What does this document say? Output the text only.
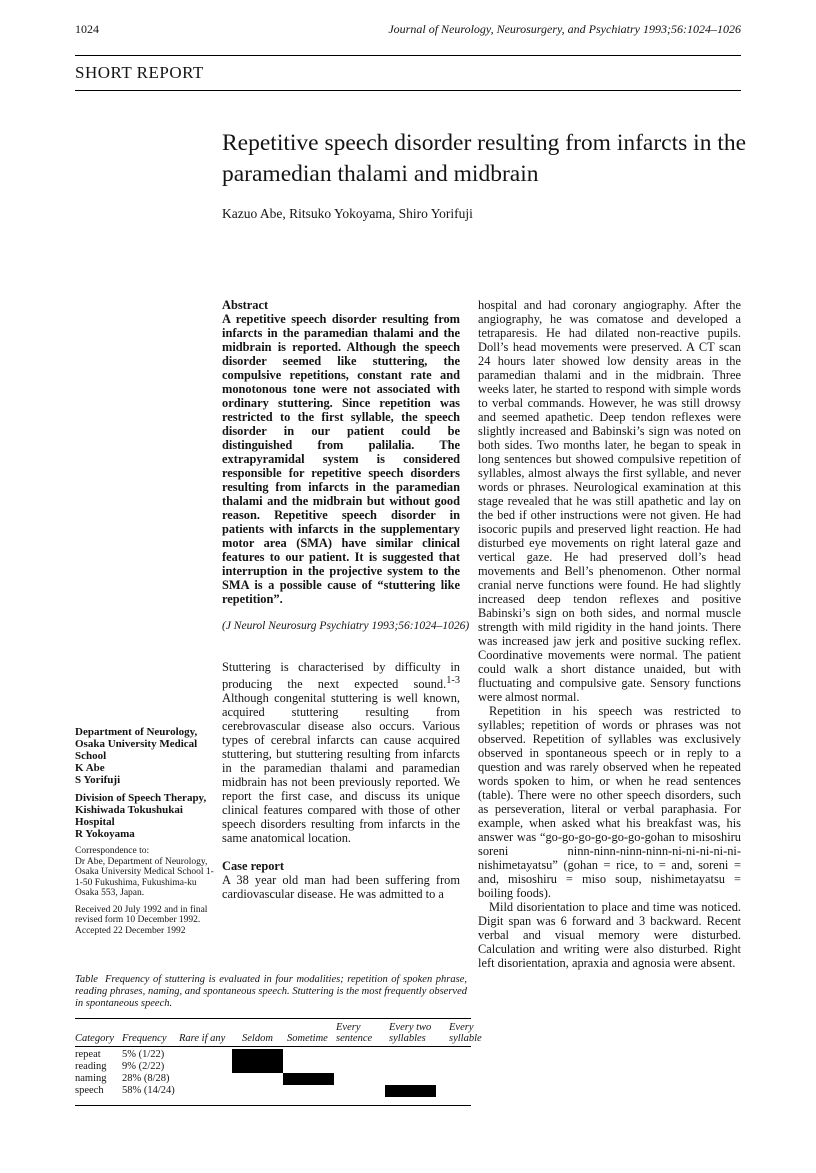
1024	Journal of Neurology, Neurosurgery, and Psychiatry 1993;56:1024–1026
SHORT REPORT
Repetitive speech disorder resulting from infarcts in the paramedian thalami and midbrain
Kazuo Abe, Ritsuko Yokoyama, Shiro Yorifuji

Department of Neurology, Osaka University Medical School

K Abe

S Yorifuji

Division of Speech Therapy, Kishiwada Tokushukai Hospital

R Yokoyama

Correspondence to:

Dr Abe, Department of Neurology, Osaka University Medical School 1-1-50 Fukushima, Fukushima-ku Osaka 553, Japan.

Received 20 July 1992 and in final revised form 10 December 1992.

Accepted 22 December 1992

Abstract

A repetitive speech disorder resulting from infarcts in the paramedian thalami and the midbrain is reported. Although the speech disorder seemed like stuttering, the compulsive repetitions, constant rate and monotonous tone were not associated with ordinary stuttering. Since repetition was restricted to the first syllable, the speech disorder in our patient could be distinguished from palilalia. The extrapyramidal system is considered responsible for repetitive speech disorders resulting from infarcts in the paramedian thalami and the midbrain but without good reason. Repetitive speech disorder in patients with infarcts in the supplementary motor area (SMA) have similar clinical features to our patient. It is suggested that interruption in the projective system to the SMA is a possible cause of “stuttering like repetition”.

(J Neurol Neurosurg Psychiatry 1993;56:1024–1026)

Stuttering is characterised by difficulty in producing the next expected sound.$^{1-3}$ Although congenital stuttering is well known, acquired stuttering resulting from cerebrovascular disease also occurs. Various types of cerebral infarcts can cause acquired stuttering, but stuttering resulting from infarcts in the paramedian thalami and paramedian midbrain has not been previously reported. We report the first case, and discuss its unique clinical features compared with those of other speech disorders resulting from infarcts in the same anatomical location.

Case report

A 38 year old man had been suffering from cardiovascular disease. He was admitted to a

hospital and had coronary angiography. After the angiography, he was comatose and developed a tetraparesis. He had dilated non-reactive pupils. Doll’s head movements were preserved. A CT scan 24 hours later showed low density areas in the paramedian thalami and in the midbrain. Three weeks later, he started to respond with simple words to verbal commands. However, he was still drowsy and seemed apathetic. Deep tendon reflexes were slightly increased and Babinski’s sign was noted on both sides. Two months later, he began to speak in long sentences but showed compulsive repetition of syllables, almost always the first syllable, and never words or phrases. Neurological examination at this stage revealed that he was still apathetic and lay on the bed if other instructions were not given. He had isocoric pupils and preserved light reaction. He had disturbed eye movements on right lateral gaze and vertical gaze. He had preserved doll’s head movements and Bell’s phenomenon. Other normal cranial nerve functions were found. He had slightly increased deep tendon reflexes and positive Babinski’s sign on both sides, and normal muscle strength with mild rigidity in the hand joints. There was increased jaw jerk and positive sucking reflex. Coordinative movements were normal. The patient could walk a short distance unaided, but with fluctuating and compulsive gate. Sensory functions were almost normal.

Repetition in his speech was restricted to syllables; repetition of words or phrases was not observed. Repetition of syllables was exclusively observed in spontaneous speech or in reply to a question and was rarely observed when he repeated words spoken to him, or when he read sentences (table). There were no other speech disorders, such as perseveration, literal or verbal paraphasia. For example, when asked what his breakfast was, his answer was “go-go-go-go-go-go-gohan to misoshiru soreni ninn-ninn-ninn-ninn-ni-ni-ni-ni-ni-nishimetayatsu” (gohan = rice, to = and, soreni = and, misoshiru = miso soup, nishimetayatsu = boiling foods).

Mild disorientation to place and time was noticed. Digit span was 6 forward and 3 backward. Recent verbal and visual memory were disturbed. Calculation and writing were also disturbed. Right left disorientation, apraxia and agnosia were absent.

Table Frequency of stuttering is evaluated in four modalities; repetition of spoken phrase, reading phrases, naming, and spontaneous speech. Stuttering is the most frequently observed in spontaneous speech.

Category Frequency Rare if any Seldom Sometime
Every sentence
Every two syllables
Every syllable
repeat 5% (1/22)
reading 9% (2/22)
naming 28% (8/28)
speech 58% (14/24)
